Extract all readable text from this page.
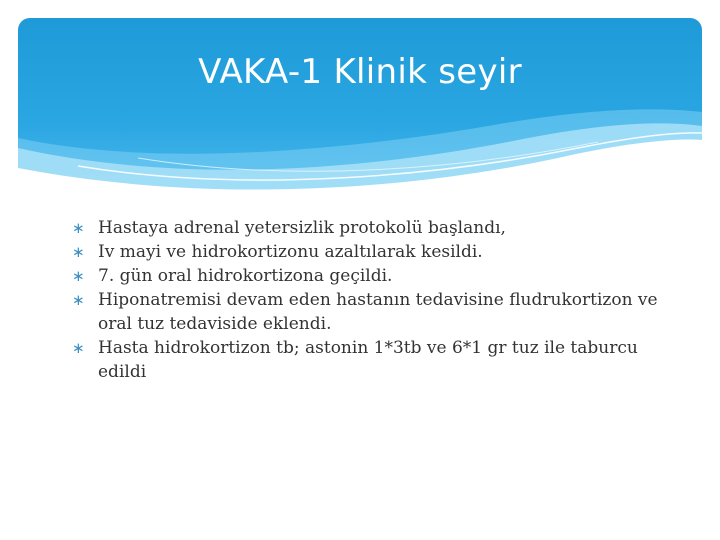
VAKA-1 Klinik seyir
∗ Hastaya adrenal yetersizlik protokolü başlandı,
∗ Iv mayi ve hidrokortizonu azaltılarak kesildi.
∗ 7. gün oral hidrokortizona geçildi.
∗ Hiponatremisi devam eden hastanın tedavisine fludrukortizon ve oral tuz tedaviside eklendi.
∗ Hasta hidrokortizon tb; astonin 1*3tb ve 6*1 gr tuz ile taburcu edildi
